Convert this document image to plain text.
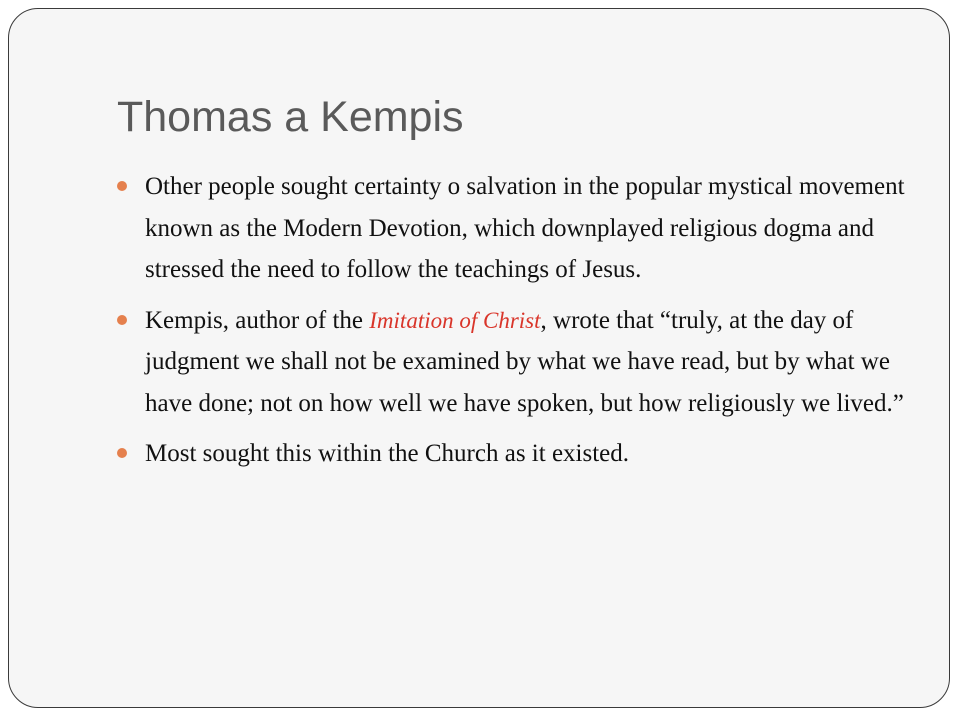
Thomas a Kempis
Other people sought certainty o salvation in the popular mystical movement known as the Modern Devotion, which downplayed religious dogma and stressed the need to follow the teachings of Jesus.
Kempis, author of the Imitation of Christ, wrote that “truly, at the day of judgment we shall not be examined by what we have read, but by what we have done; not on how well we have spoken, but how religiously we lived.”
Most sought this within the Church as it existed.
